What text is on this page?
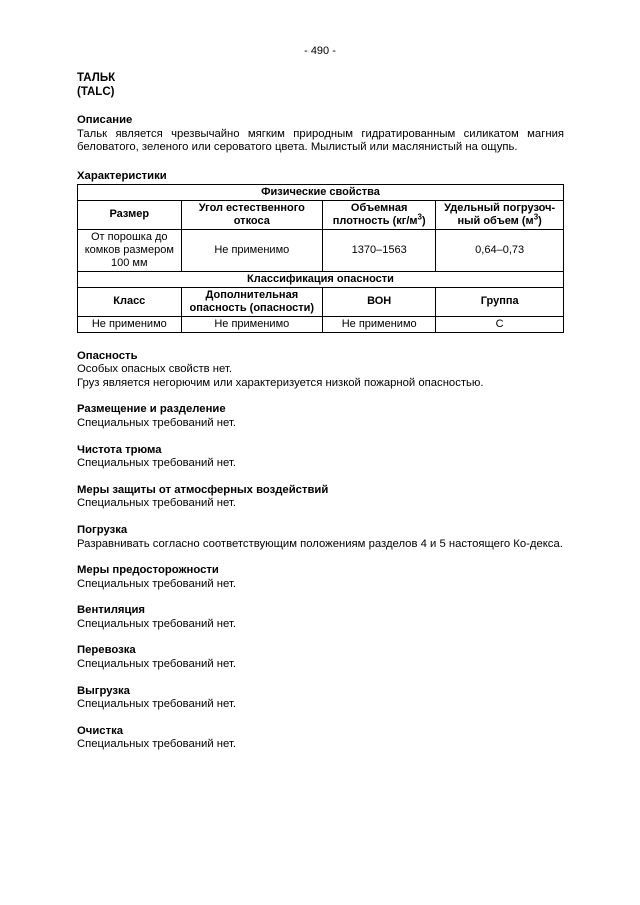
- 490 -
ТАЛЬК
(TALC)
Описание
Тальк является чрезвычайно мягким природным гидратированным силикатом магния беловатого, зеленого или сероватого цвета. Мылистый или маслянистый на ощупь.
Характеристики
Физические свойства			
Размер	Угол естественного откоса	Объемная плотность $(кг/м^3)$	Удельный погрузоч-ный объем $(м^3)$
От порошка до комков размером 100 мм	Не применимо	1370–1563	0,64–0,73
Классификация опасности			
Класс	Дополнительная опасность (опасности)	ВОН	Группа
Не применимо	Не применимо	Не применимо	С
Опасность
Особых опасных свойств нет.
Груз является негорючим или характеризуется низкой пожарной опасностью.
Размещение и разделение
Специальных требований нет.
Чистота трюма
Специальных требований нет.
Меры защиты от атмосферных воздействий
Специальных требований нет.
Погрузка
Разравнивать согласно соответствующим положениям разделов 4 и 5 настоящего Ко-декса.
Меры предосторожности
Специальных требований нет.
Вентиляция
Специальных требований нет.
Перевозка
Специальных требований нет.
Выгрузка
Специальных требований нет.
Очистка
Специальных требований нет.
